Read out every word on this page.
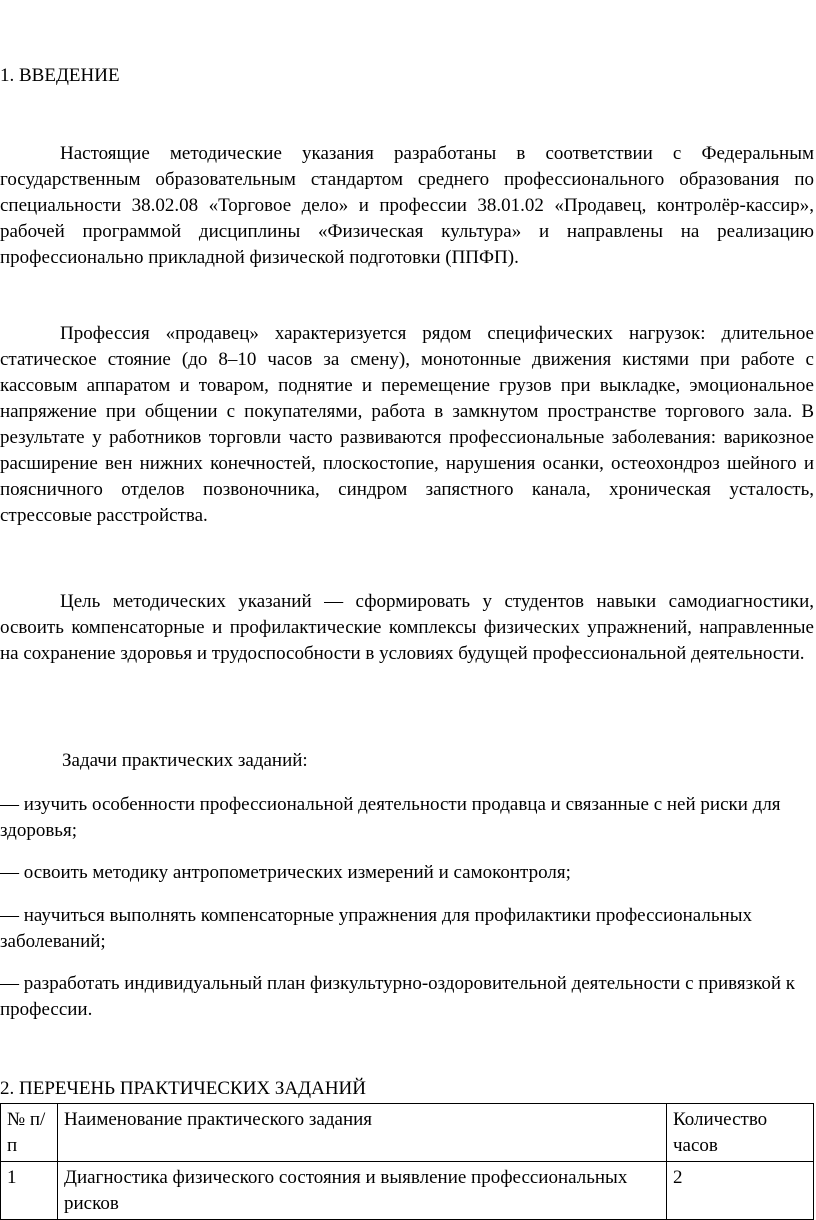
1. ВВЕДЕНИЕ
Настоящие методические указания разработаны в соответствии с Федеральным государственным образовательным стандартом среднего профессионального образования по специальности 38.02.08 «Торговое дело» и профессии 38.01.02 «Продавец, контролёр-кассир», рабочей программой дисциплины «Физическая культура» и направлены на реализацию профессионально прикладной физической подготовки (ППФП).
Профессия «продавец» характеризуется рядом специфических нагрузок: длительное статическое стояние (до 8–10 часов за смену), монотонные движения кистями при работе с кассовым аппаратом и товаром, поднятие и перемещение грузов при выкладке, эмоциональное напряжение при общении с покупателями, работа в замкнутом пространстве торгового зала. В результате у работников торговли часто развиваются профессиональные заболевания: варикозное расширение вен нижних конечностей, плоскостопие, нарушения осанки, остеохондроз шейного и поясничного отделов позвоночника, синдром запястного канала, хроническая усталость, стрессовые расстройства.
Цель методических указаний — сформировать у студентов навыки самодиагностики, освоить компенсаторные и профилактические комплексы физических упражнений, направленные на сохранение здоровья и трудоспособности в условиях будущей профессиональной деятельности.
Задачи практических заданий:
— изучить особенности профессиональной деятельности продавца и связанные с ней риски для здоровья;
— освоить методику антропометрических измерений и самоконтроля;
— научиться выполнять компенсаторные упражнения для профилактики профессиональных заболеваний;
— разработать индивидуальный план физкультурно-оздоровительной деятельности с привязкой к профессии.
2. ПЕРЕЧЕНЬ ПРАКТИЧЕСКИХ ЗАДАНИЙ
№ п/п	Наименование практического задания	Количество часов
1	Диагностика физического состояния и выявление профессиональных рисков	2
